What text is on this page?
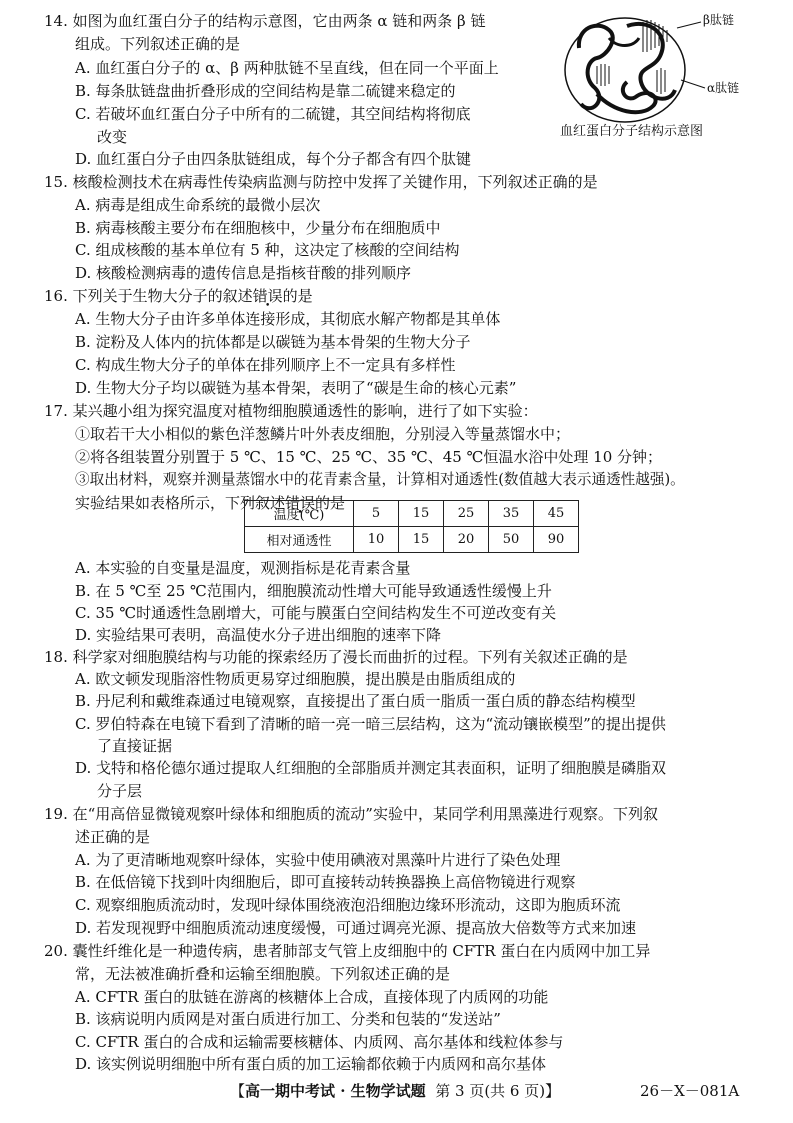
β肽链
α肽链
血红蛋白分子结构示意图
14. 如图为血红蛋白分子的结构示意图，它由两条 α 链和两条 β 链
组成。下列叙述正确的是
A. 血红蛋白分子的 α、β 两种肽链不呈直线，但在同一个平面上
B. 每条肽链盘曲折叠形成的空间结构是靠二硫键来稳定的
C. 若破坏血红蛋白分子中所有的二硫键，其空间结构将彻底
改变
D. 血红蛋白分子由四条肽链组成，每个分子都含有四个肽键
15. 核酸检测技术在病毒性传染病监测与防控中发挥了关键作用，下列叙述正确的是
A. 病毒是组成生命系统的最微小层次
B. 病毒核酸主要分布在细胞核中，少量分布在细胞质中
C. 组成核酸的基本单位有 5 种，这决定了核酸的空间结构
D. 核酸检测病毒的遗传信息是指核苷酸的排列顺序
16. 下列关于生物大分子的叙述错误的是
A. 生物大分子由许多单体连接形成，其彻底水解产物都是其单体
B. 淀粉及人体内的抗体都是以碳链为基本骨架的生物大分子
C. 构成生物大分子的单体在排列顺序上不一定具有多样性
D. 生物大分子均以碳链为基本骨架，表明了“碳是生命的核心元素”
17. 某兴趣小组为探究温度对植物细胞膜通透性的影响，进行了如下实验：
①取若干大小相似的紫色洋葱鳞片叶外表皮细胞，分别浸入等量蒸馏水中；
②将各组装置分别置于 5 ℃、15 ℃、25 ℃、35 ℃、45 ℃恒温水浴中处理 10 分钟；
③取出材料，观察并测量蒸馏水中的花青素含量，计算相对通透性(数值越大表示通透性越强)。
实验结果如表格所示，下列叙述错误的是
温度(℃)	5	15	25	35	45
相对通透性	10	15	20	50	90
A. 本实验的自变量是温度，观测指标是花青素含量
B. 在 5 ℃至 25 ℃范围内，细胞膜流动性增大可能导致通透性缓慢上升
C. 35 ℃时通透性急剧增大，可能与膜蛋白空间结构发生不可逆改变有关
D. 实验结果可表明，高温使水分子进出细胞的速率下降
18. 科学家对细胞膜结构与功能的探索经历了漫长而曲折的过程。下列有关叙述正确的是
A. 欧文顿发现脂溶性物质更易穿过细胞膜，提出膜是由脂质组成的
B. 丹尼利和戴维森通过电镜观察，直接提出了蛋白质一脂质一蛋白质的静态结构模型
C. 罗伯特森在电镜下看到了清晰的暗一亮一暗三层结构，这为“流动镶嵌模型”的提出提供
了直接证据
D. 戈特和格伦德尔通过提取人红细胞的全部脂质并测定其表面积，证明了细胞膜是磷脂双
分子层
19. 在“用高倍显微镜观察叶绿体和细胞质的流动”实验中，某同学利用黑藻进行观察。下列叙
述正确的是
A. 为了更清晰地观察叶绿体，实验中使用碘液对黑藻叶片进行了染色处理
B. 在低倍镜下找到叶肉细胞后，即可直接转动转换器换上高倍物镜进行观察
C. 观察细胞质流动时，发现叶绿体围绕液泡沿细胞边缘环形流动，这即为胞质环流
D. 若发现视野中细胞质流动速度缓慢，可通过调亮光源、提高放大倍数等方式来加速
20. 囊性纤维化是一种遗传病，患者肺部支气管上皮细胞中的 CFTR 蛋白在内质网中加工异
常，无法被准确折叠和运输至细胞膜。下列叙述正确的是
A. CFTR 蛋白的肽链在游离的核糖体上合成，直接体现了内质网的功能
B. 该病说明内质网是对蛋白质进行加工、分类和包装的“发送站”
C. CFTR 蛋白的合成和运输需要核糖体、内质网、高尔基体和线粒体参与
D. 该实例说明细胞中所有蛋白质的加工运输都依赖于内质网和高尔基体
【高一期中考试 · 生物学试题 第 3 页(共 6 页)】	26－X－081A
